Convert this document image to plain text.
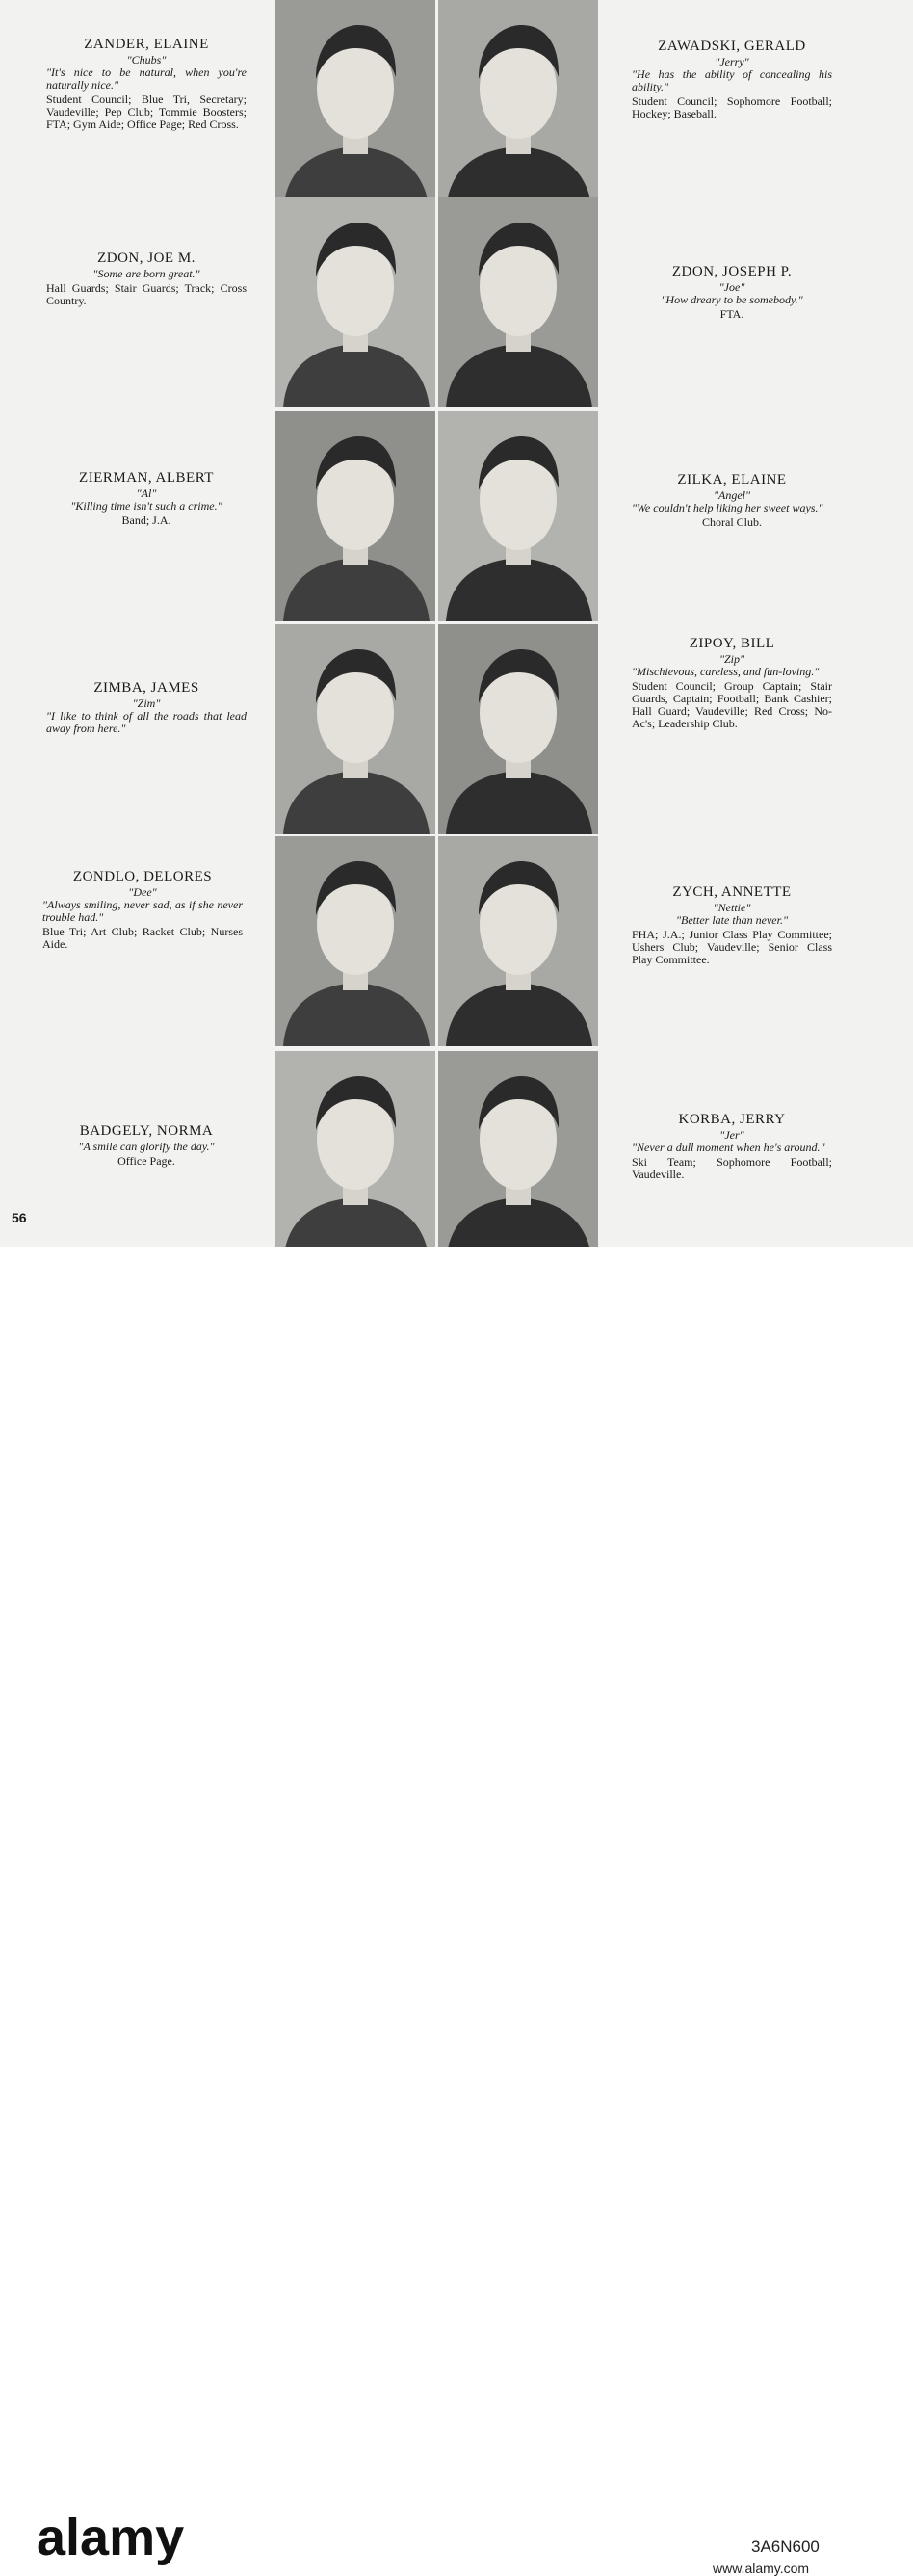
ZANDER, ELAINE
"Chubs"
"It's nice to be natural, when you're naturally nice."
Student Council; Blue Tri, Secretary; Vaudeville; Pep Club; Tommie Boosters; FTA; Gym Aide; Office Page; Red Cross.
ZDON, JOE M.
"Some are born great."
Hall Guards; Stair Guards; Track; Cross Country.
ZIERMAN, ALBERT
"Al"
"Killing time isn't such a crime."
Band; J.A.
ZIMBA, JAMES
"Zim"
"I like to think of all the roads that lead away from here."
ZONDLO, DELORES
"Dee"
"Always smiling, never sad, as if she never trouble had."
Blue Tri; Art Club; Racket Club; Nurses Aide.
BADGELY, NORMA
"A smile can glorify the day."
Office Page.
ZAWADSKI, GERALD
"Jerry"
"He has the ability of concealing his ability."
Student Council; Sophomore Football; Hockey; Baseball.
ZDON, JOSEPH P.
"Joe"
"How dreary to be somebody."
FTA.
ZILKA, ELAINE
"Angel"
"We couldn't help liking her sweet ways."
Choral Club.
ZIPOY, BILL
"Zip"
"Mischievous, careless, and fun-loving."
Student Council; Group Captain; Stair Guards, Captain; Football; Bank Cashier; Hall Guard; Vaudeville; Red Cross; No-Ac's; Leadership Club.
ZYCH, ANNETTE
"Nettie"
"Better late than never."
FHA; J.A.; Junior Class Play Committee; Ushers Club; Vaudeville; Senior Class Play Committee.
KORBA, JERRY
"Jer"
"Never a dull moment when he's around."
Ski Team; Sophomore Football; Vaudeville.
56
alamy	3A6N600
www.alamy.com
